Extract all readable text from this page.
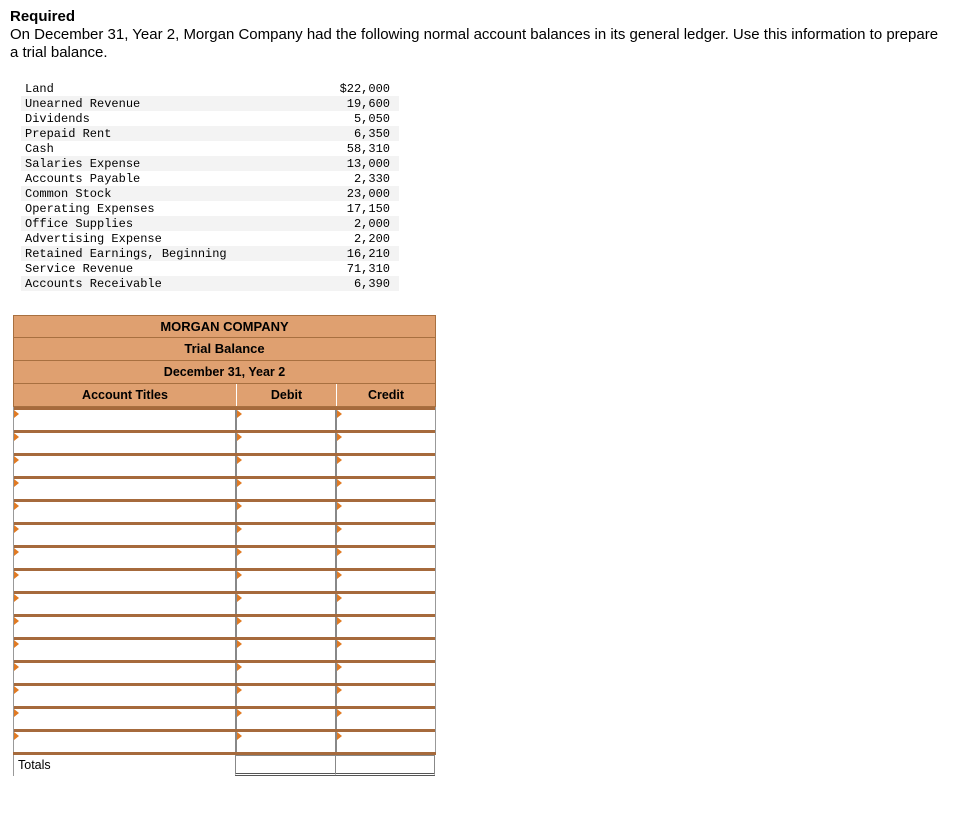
Required
On December 31, Year 2, Morgan Company had the following normal account balances in its general ledger. Use this information to prepare a trial balance.
Land	$22,000
Unearned Revenue	19,600
Dividends	5,050
Prepaid Rent	6,350
Cash	58,310
Salaries Expense	13,000
Accounts Payable	2,330
Common Stock	23,000
Operating Expenses	17,150
Office Supplies	2,000
Advertising Expense	2,200
Retained Earnings, Beginning	16,210
Service Revenue	71,310
Accounts Receivable	6,390
MORGAN COMPANY
Trial Balance
December 31, Year 2
Account Titles	Debit	Credit
Totals
